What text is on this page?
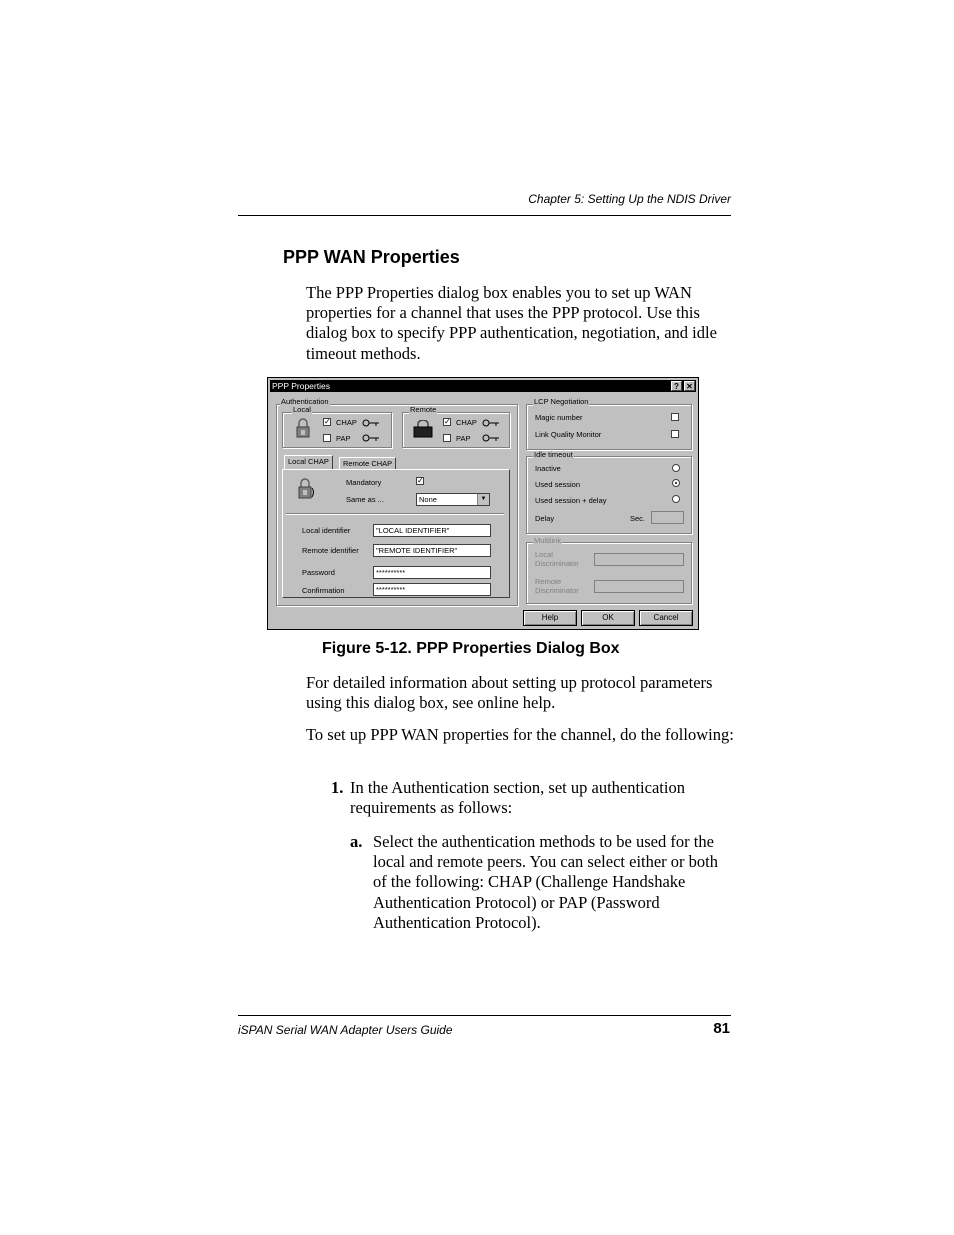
Chapter 5: Setting Up the NDIS Driver
PPP WAN Properties
The PPP Properties dialog box enables you to set up WAN properties for a channel that uses the PPP protocol. Use this dialog box to specify PPP authentication, negotiation, and idle timeout methods.
PPP Properties	? ✕
Authentication
Local
✓ CHAP
PAP
Remote
✓ CHAP
PAP
Local CHAP	Remote CHAP
Mandatory	✓
Same as ...	None	▼
Local identifier	"LOCAL IDENTIFIER"
Remote identifier	"REMOTE IDENTIFIER"
Password	**********
Confirmation	**********
LCP Negotiation
Magic number
Link Quality Monitor
Idle timeout
Inactive
Used session
Used session + delay
Delay	Sec.
Multilink
Local
Discriminator
Remote
Discriminator
Help	OK	Cancel
Figure 5-12. PPP Properties Dialog Box
For detailed information about setting up protocol parameters using this dialog box, see online help.
To set up PPP WAN properties for the channel, do the following:
1. In the Authentication section, set up authentication requirements as follows:
a. Select the authentication methods to be used for the local and remote peers. You can select either or both of the following: CHAP (Challenge Handshake Authentication Protocol) or PAP (Password Authentication Protocol).
iSPAN Serial WAN Adapter Users Guide	81
